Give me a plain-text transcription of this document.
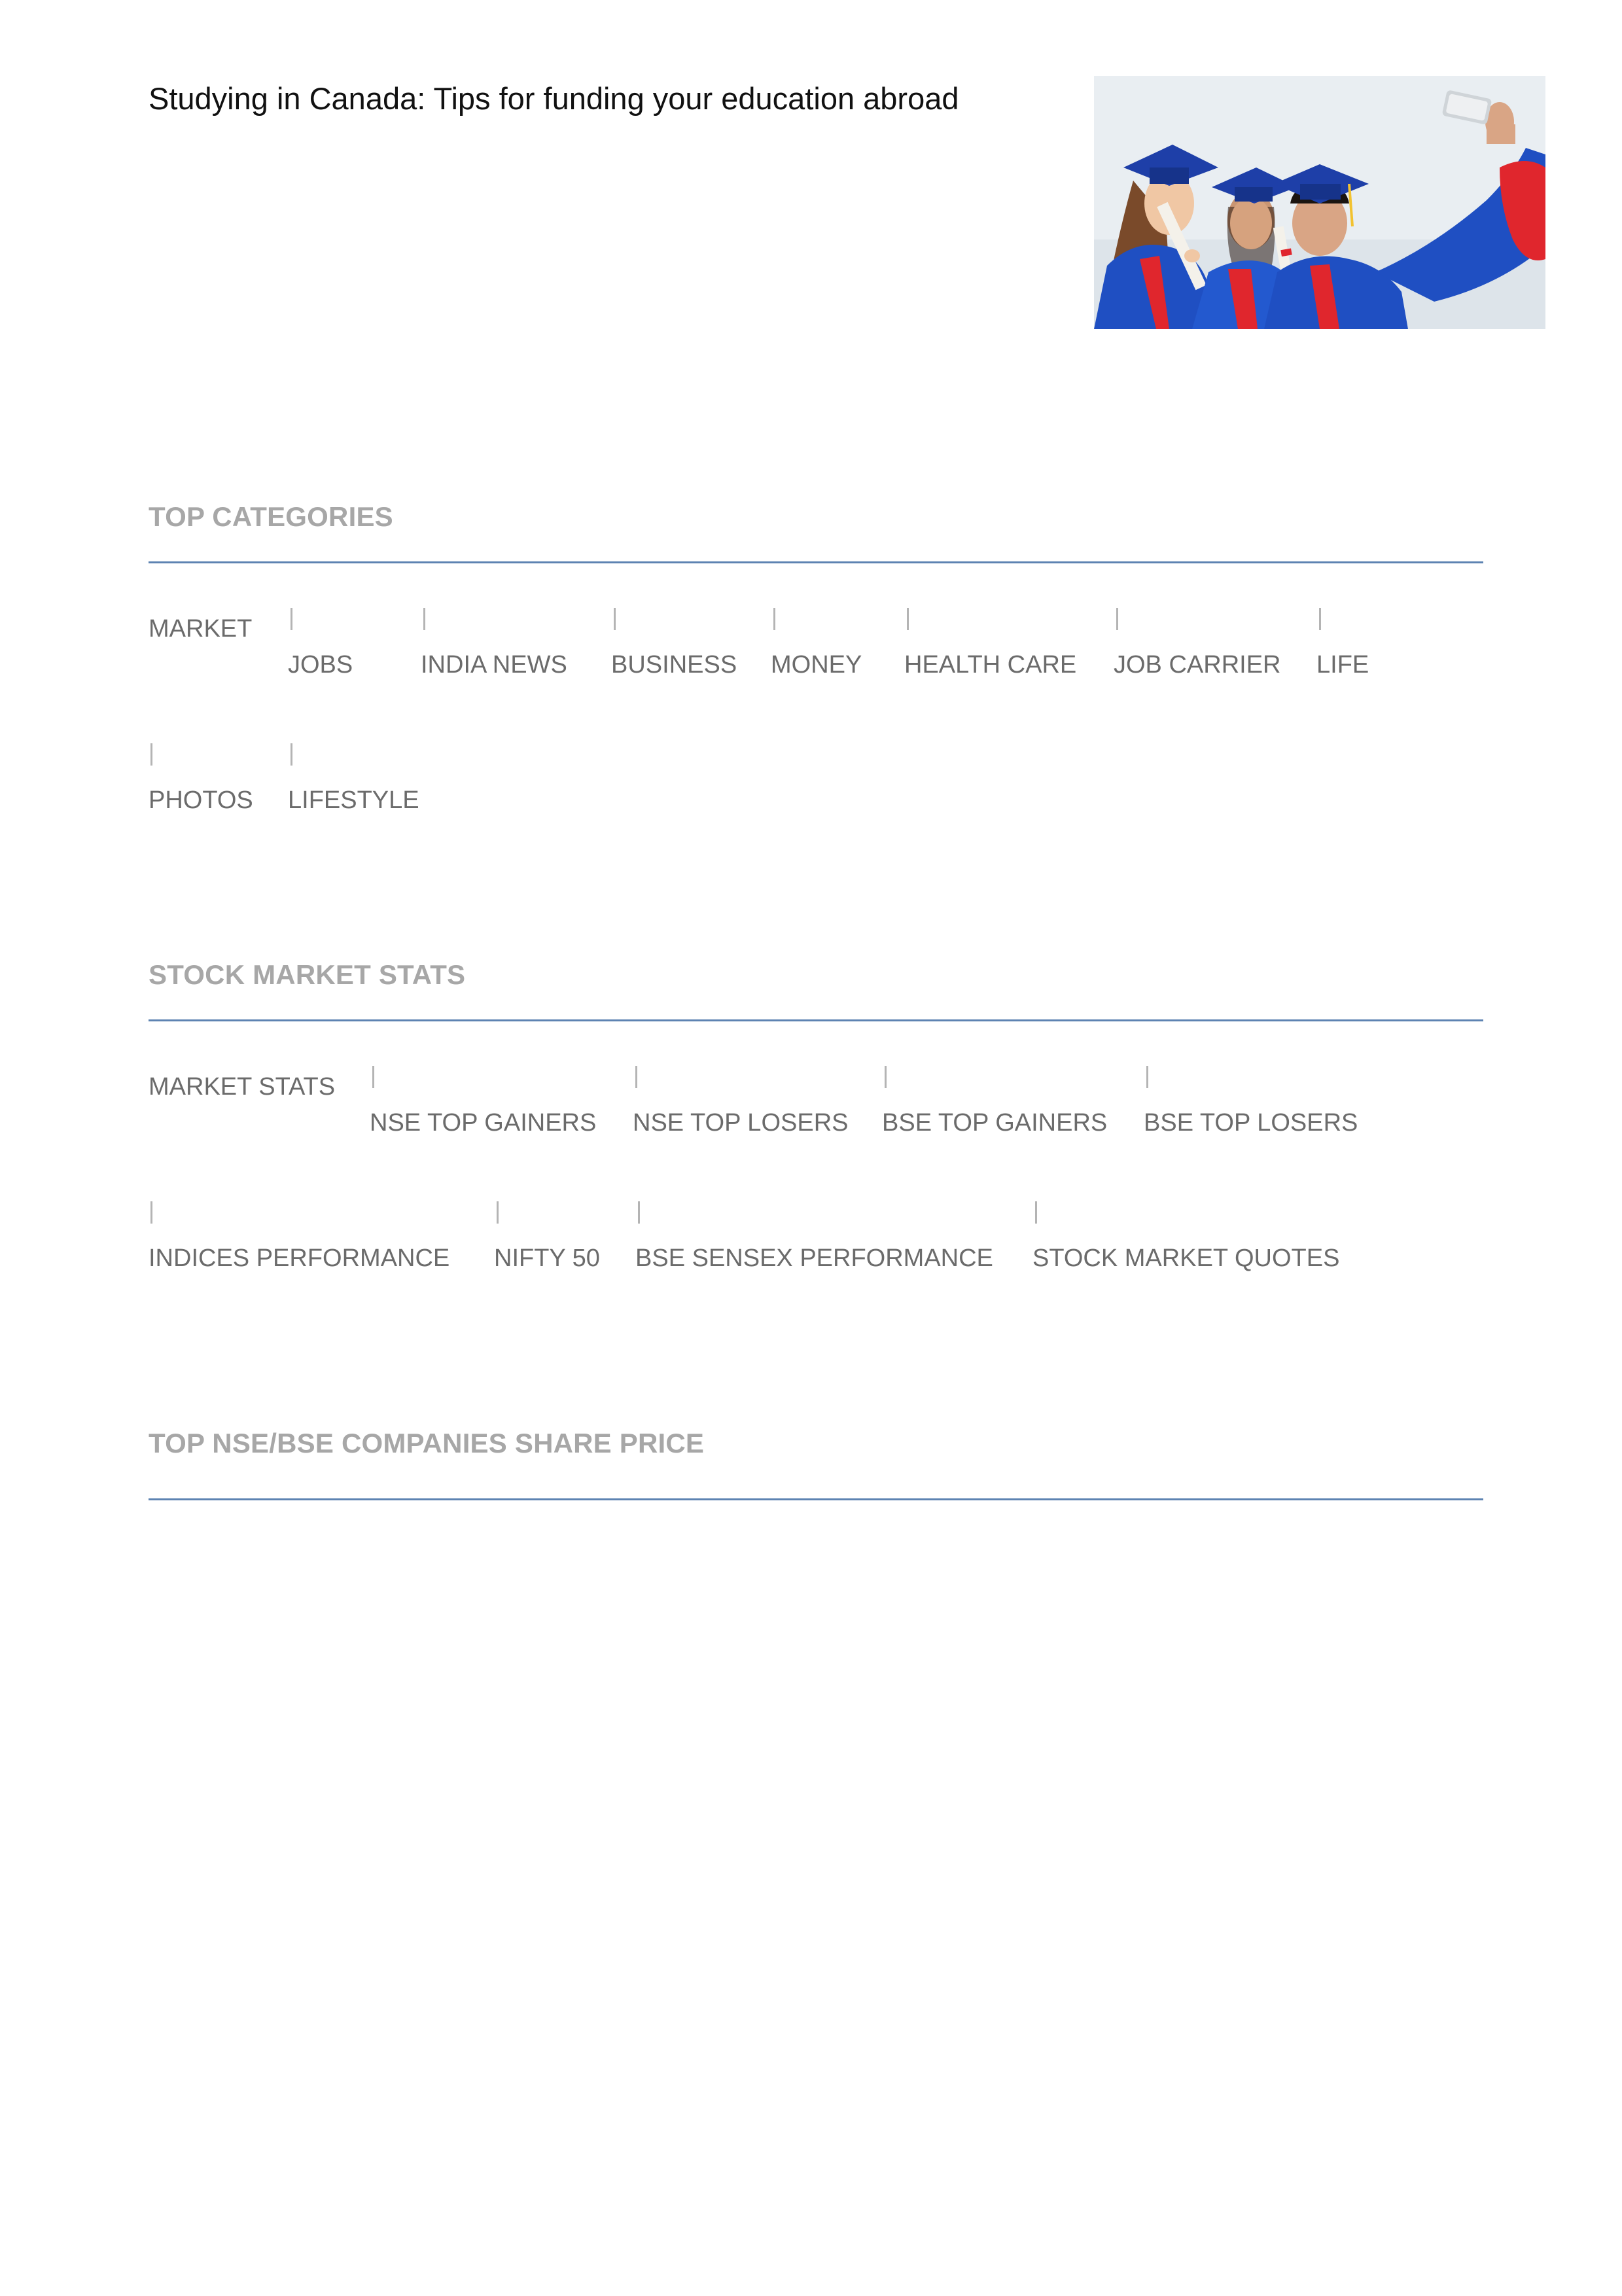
Studying in Canada: Tips for funding your education abroad
TOP CATEGORIES
MARKET
JOBS	INDIA NEWS BUSINESS MONEY HEALTH CARE JOB CARRIER LIFE
PHOTOS LIFESTYLE
STOCK MARKET STATS
MARKET STATS
NSE TOP GAINERS NSE TOP LOSERS BSE TOP GAINERS BSE TOP LOSERS
INDICES PERFORMANCE NIFTY 50 BSE SENSEX PERFORMANCE STOCK MARKET QUOTES
TOP NSE/BSE COMPANIES SHARE PRICE
